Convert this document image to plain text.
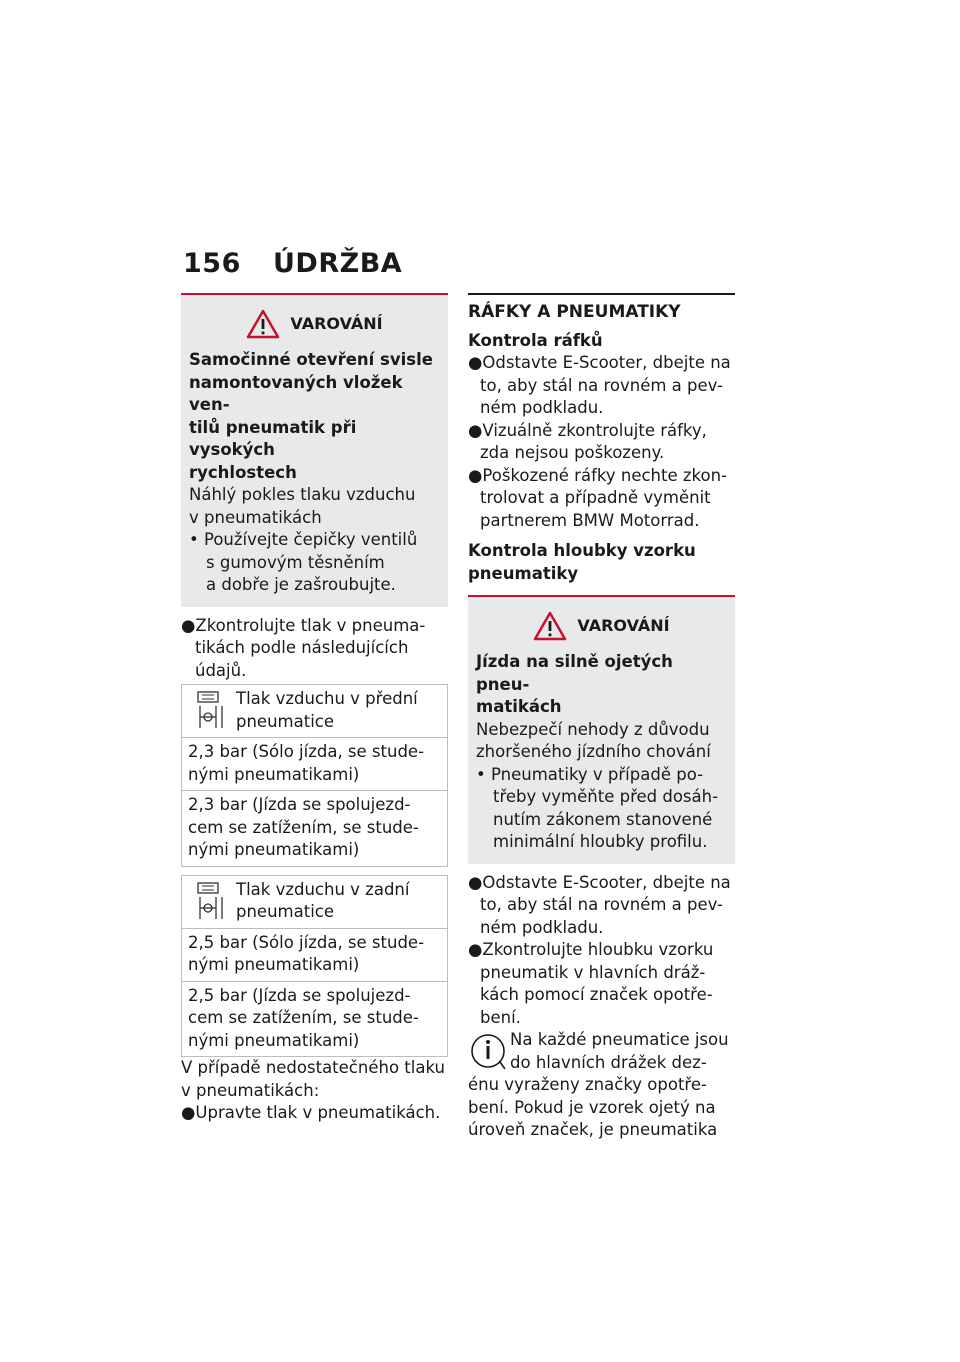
156 ÚDRŽBA
VAROVÁNÍ
Samočinné otevření svisle
namontovaných vložek ven-
tilů pneumatik při vysokých
rychlostech
Náhlý pokles tlaku vzduchu
v pneumatikách
• Používejte čepičky ventilů
s gumovým těsněním
a dobře je zašroubujte.
●Zkontrolujte tlak v pneuma-
tikách podle následujících
údajů.
Tlak vzduchu v přední
pneumatice
2,3 bar (Sólo jízda, se stude-
nými pneumatikami)
2,3 bar (Jízda se spolujezd-
cem se zatížením, se stude-
nými pneumatikami)
Tlak vzduchu v zadní
pneumatice
2,5 bar (Sólo jízda, se stude-
nými pneumatikami)
2,5 bar (Jízda se spolujezd-
cem se zatížením, se stude-
nými pneumatikami)
V případě nedostatečného tlaku
v pneumatikách:
●Upravte tlak v pneumatikách.
RÁFKY A PNEUMATIKY
Kontrola ráfků
●Odstavte E-Scooter, dbejte na
to, aby stál na rovném a pev-
ném podkladu.
●Vizuálně zkontrolujte ráfky,
zda nejsou poškozeny.
●Poškozené ráfky nechte zkon-
trolovat a případně vyměnit
partnerem BMW Motorrad.
Kontrola hloubky vzorku
pneumatiky
VAROVÁNÍ
Jízda na silně ojetých pneu-
matikách
Nebezpečí nehody z důvodu
zhoršeného jízdního chování
• Pneumatiky v případě po-
třeby vyměňte před dosáh-
nutím zákonem stanovené
minimální hloubky profilu.
●Odstavte E-Scooter, dbejte na
to, aby stál na rovném a pev-
ném podkladu.
●Zkontrolujte hloubku vzorku
pneumatik v hlavních dráž-
kách pomocí značek opotře-
bení.
Na každé pneumatice jsou
do hlavních drážek dez-
énu vyraženy značky opotře-
bení. Pokud je vzorek ojetý na
úroveň značek, je pneumatika
